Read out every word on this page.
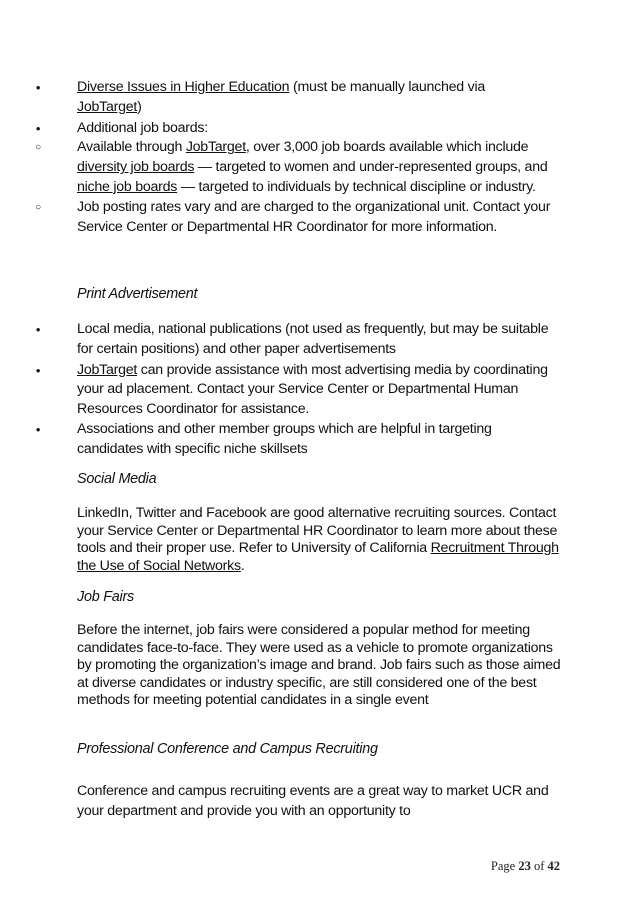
•	Diverse Issues in Higher Education (must be manually launched via JobTarget)
•	Additional job boards:
○	Available through JobTarget, over 3,000 job boards available which include diversity job boards — targeted to women and under-represented groups, and niche job boards — targeted to individuals by technical discipline or industry.
○	Job posting rates vary and are charged to the organizational unit. Contact your Service Center or Departmental HR Coordinator for more information.
Print Advertisement
•	Local media, national publications (not used as frequently, but may be suitable for certain positions) and other paper advertisements
•	JobTarget can provide assistance with most advertising media by coordinating your ad placement. Contact your Service Center or Departmental Human Resources Coordinator for assistance.
•	Associations and other member groups which are helpful in targeting candidates with specific niche skillsets
Social Media
LinkedIn, Twitter and Facebook are good alternative recruiting sources. Contact your Service Center or Departmental HR Coordinator to learn more about these tools and their proper use. Refer to University of California Recruitment Through the Use of Social Networks.
Job Fairs
Before the internet, job fairs were considered a popular method for meeting candidates face-to-face. They were used as a vehicle to promote organizations by promoting the organization’s image and brand. Job fairs such as those aimed at diverse candidates or industry specific, are still considered one of the best methods for meeting potential candidates in a single event
Professional Conference and Campus Recruiting
Conference and campus recruiting events are a great way to market UCR and your department and provide you with an opportunity to
Page 23 of 42
